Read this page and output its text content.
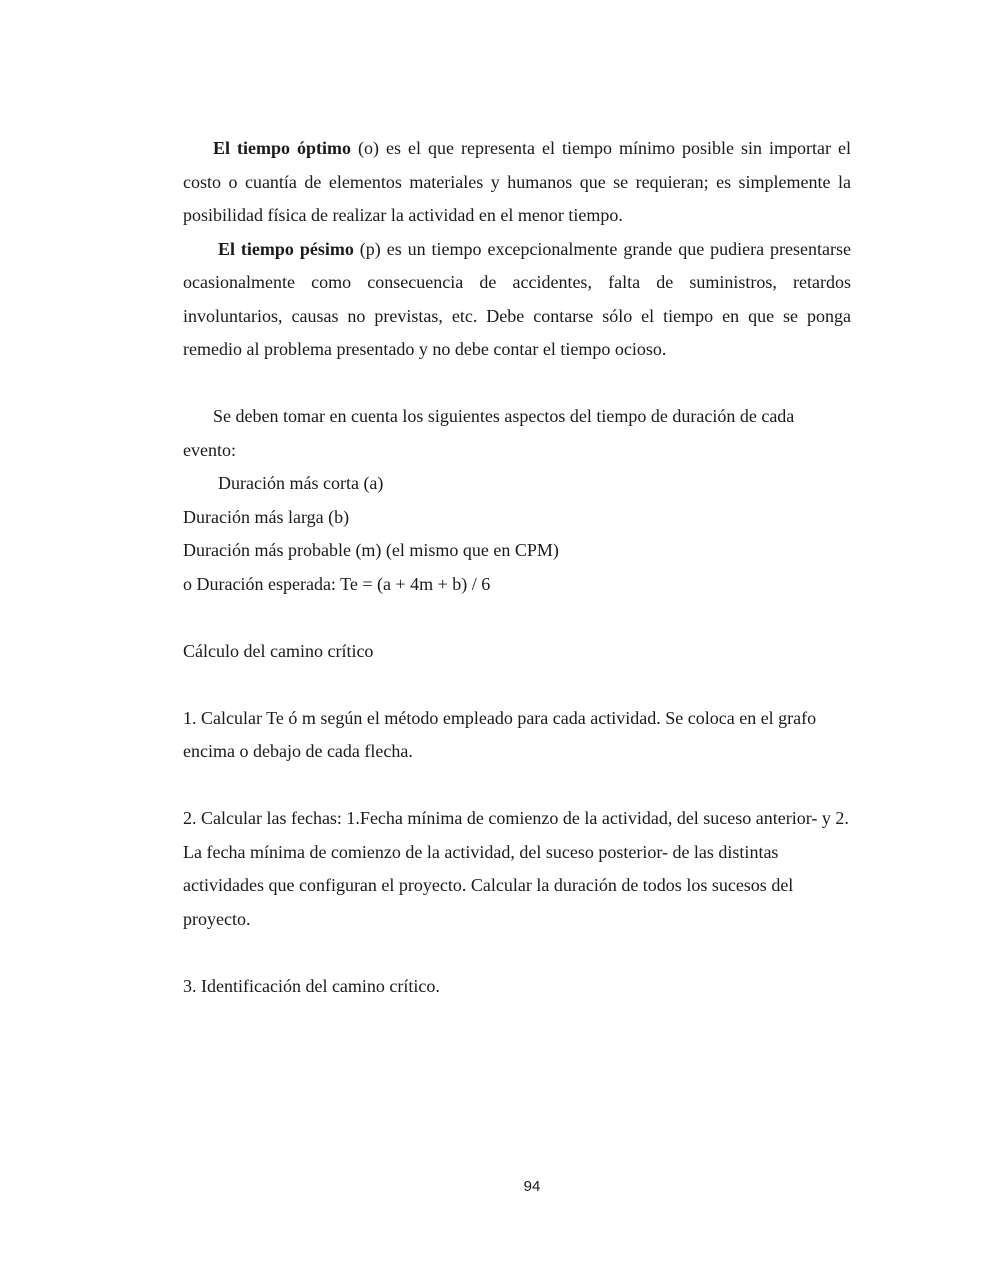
El tiempo óptimo (o) es el que representa el tiempo mínimo posible sin importar el costo o cuantía de elementos materiales y humanos que se requieran; es simplemente la posibilidad física de realizar la actividad en el menor tiempo.

El tiempo pésimo (p) es un tiempo excepcionalmente grande que pudiera presentarse ocasionalmente como consecuencia de accidentes, falta de suministros, retardos involuntarios, causas no previstas, etc. Debe contarse sólo el tiempo en que se ponga remedio al problema presentado y no debe contar el tiempo ocioso.

Se deben tomar en cuenta los siguientes aspectos del tiempo de duración de cada evento:

Duración más corta (a)

Duración más larga (b)

Duración más probable (m) (el mismo que en CPM)

o Duración esperada: Te = (a + 4m + b) / 6

Cálculo del camino crítico

1. Calcular Te ó m según el método empleado para cada actividad. Se coloca en el grafo encima o debajo de cada flecha.

2. Calcular las fechas: 1.Fecha mínima de comienzo de la actividad, del suceso anterior- y 2. La fecha mínima de comienzo de la actividad, del suceso posterior- de las distintas actividades que configuran el proyecto. Calcular la duración de todos los sucesos del proyecto.

3. Identificación del camino crítico.

94
